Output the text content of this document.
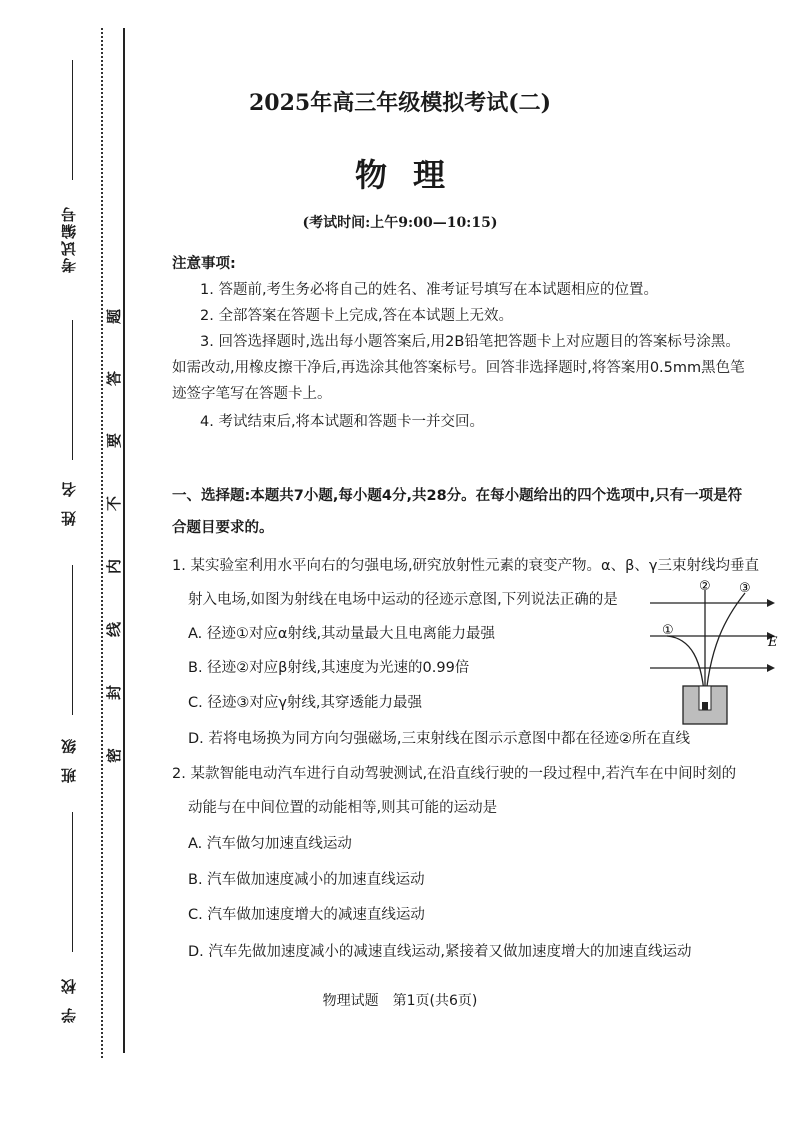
考试编号
姓名
班级
学校
题
答
要
不
内
线
封
密
2025年高三年级模拟考试(二)
物理
(考试时间:上午9:00—10:15)
注意事项:
1. 答题前,考生务必将自己的姓名、准考证号填写在本试题相应的位置。
2. 全部答案在答题卡上完成,答在本试题上无效。
3. 回答选择题时,选出每小题答案后,用2B铅笔把答题卡上对应题目的答案标号涂黑。
如需改动,用橡皮擦干净后,再选涂其他答案标号。回答非选择题时,将答案用0.5mm黑色笔
迹签字笔写在答题卡上。
4. 考试结束后,将本试题和答题卡一并交回。
一、选择题:本题共7小题,每小题4分,共28分。在每小题给出的四个选项中,只有一项是符
合题目要求的。
1. 某实验室利用水平向右的匀强电场,研究放射性元素的衰变产物。α、β、γ三束射线均垂直
射入电场,如图为射线在电场中运动的径迹示意图,下列说法正确的是
A. 径迹①对应α射线,其动量最大且电离能力最强
B. 径迹②对应β射线,其速度为光速的0.99倍
C. 径迹③对应γ射线,其穿透能力最强
D. 若将电场换为同方向匀强磁场,三束射线在图示示意图中都在径迹②所在直线
E
①
② ③
2. 某款智能电动汽车进行自动驾驶测试,在沿直线行驶的一段过程中,若汽车在中间时刻的
动能与在中间位置的动能相等,则其可能的运动是
A. 汽车做匀加速直线运动
B. 汽车做加速度减小的加速直线运动
C. 汽车做加速度增大的减速直线运动
D. 汽车先做加速度减小的减速直线运动,紧接着又做加速度增大的加速直线运动
物理试题　第1页(共6页)
